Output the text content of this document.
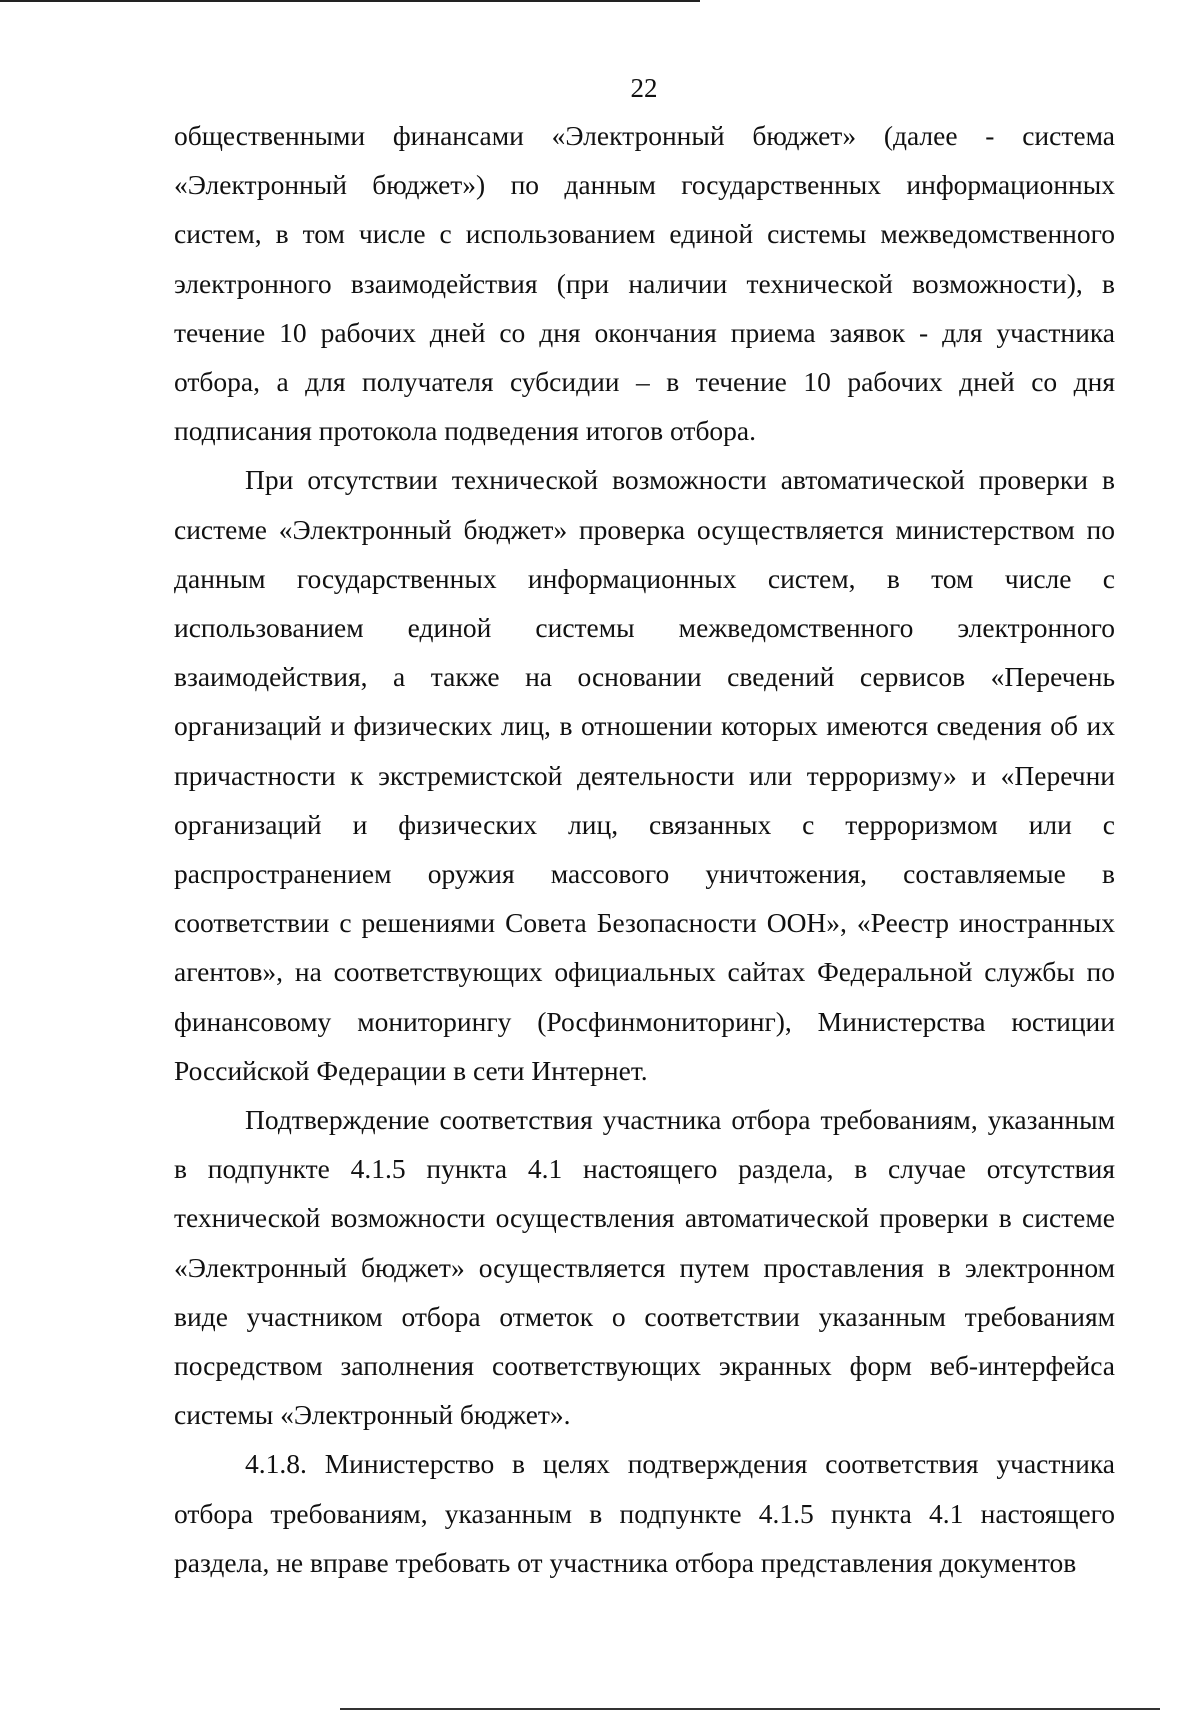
22

общественными финансами «Электронный бюджет» (далее - система «Электронный бюджет») по данным государственных информационных систем, в том числе с использованием единой системы межведомственного электронного взаимодействия (при наличии технической возможности), в течение 10 рабочих дней со дня окончания приема заявок - для участника отбора, а для получателя субсидии – в течение 10 рабочих дней со дня подписания протокола подведения итогов отбора.

При отсутствии технической возможности автоматической проверки в системе «Электронный бюджет» проверка осуществляется министерством по данным государственных информационных систем, в том числе с использованием единой системы межведомственного электронного взаимодействия, а также на основании сведений сервисов «Перечень организаций и физических лиц, в отношении которых имеются сведения об их причастности к экстремистской деятельности или терроризму» и «Перечни организаций и физических лиц, связанных с терроризмом или с распространением оружия массового уничтожения, составляемые в соответствии с решениями Совета Безопасности ООН», «Реестр иностранных агентов», на соответствующих официальных сайтах Федеральной службы по финансовому мониторингу (Росфинмониторинг), Министерства юстиции Российской Федерации в сети Интернет.

Подтверждение соответствия участника отбора требованиям, указанным в подпункте 4.1.5 пункта 4.1 настоящего раздела, в случае отсутствия технической возможности осуществления автоматической проверки в системе «Электронный бюджет» осуществляется путем проставления в электронном виде участником отбора отметок о соответствии указанным требованиям посредством заполнения соответствующих экранных форм веб-интерфейса системы «Электронный бюджет».

4.1.8. Министерство в целях подтверждения соответствия участника отбора требованиям, указанным в подпункте 4.1.5 пункта 4.1 настоящего раздела, не вправе требовать от участника отбора представления документов
